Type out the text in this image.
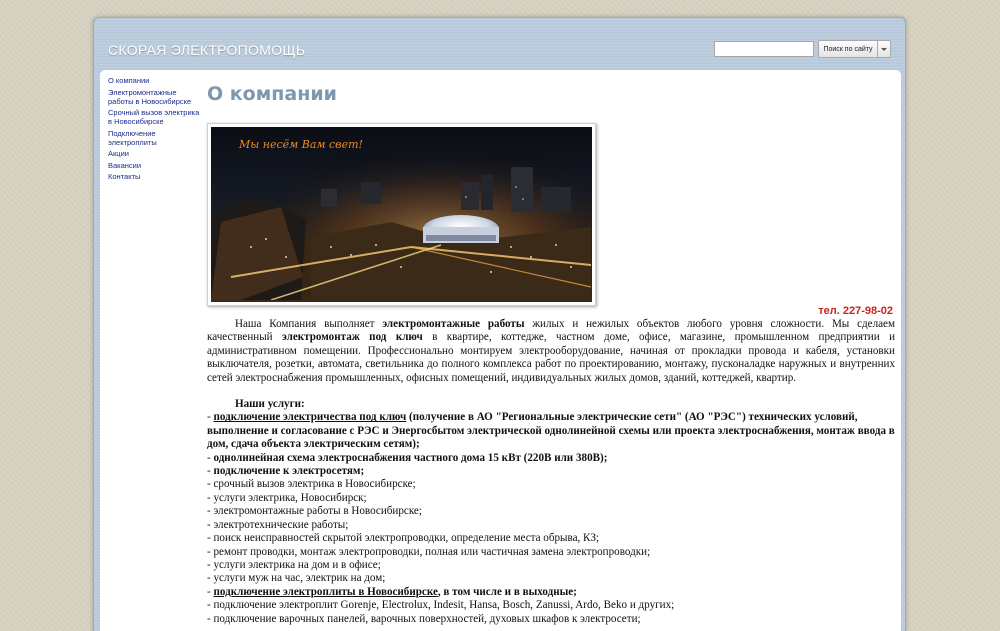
СКОРАЯ ЭЛЕКТРОПОМОЩЬ	Поиск по сайту
О компании
Электромонтажные работы в Новосибирске
Срочный вызов электрика в Новосибирске
Подключение электроплиты
Акции
Вакансии
Контакты
О компании
Мы несём Вам свет!
тел. 227-98-02

Наша Компания выполняет электромонтажные работы жилых и нежилых объектов любого уровня сложности. Мы сделаем качественный электромонтаж под ключ в квартире, коттедже, частном доме, офисе, магазине, промышленном предприятии и административном помещении. Профессионально монтируем электрооборудование, начиная от прокладки провода и кабеля, установки выключателя, розетки, автомата, светильника до полного комплекса работ по проектированию, монтажу, пусконаладке наружных и внутренних сетей электроснабжения промышленных, офисных помещений, индивидуальных жилых домов, зданий, коттеджей, квартир.

Наши услуги:

- подключение электричества под ключ (получение в АО "Региональные электрические сети" (АО "РЭС") технических условий, выполнение и согласование с РЭС и Энергосбытом электрической однолинейной схемы или проекта электроснабжения, монтаж ввода в дом, сдача объекта электрическим сетям);
- однолинейная схема электроснабжения частного дома 15 кВт (220В или 380В);
- подключение к электросетям;
- срочный вызов электрика в Новосибирске;
- услуги электрика, Новосибирск;
- электромонтажные работы в Новосибирске;
- электротехнические работы;
- поиск неисправностей скрытой электропроводки, определение места обрыва, КЗ;
- ремонт проводки, монтаж электропроводки, полная или частичная замена электропроводки;
- услуги электрика на дом и в офисе;
- услуги муж на час, электрик на дом;
- подключение электроплиты в Новосибирске, в том числе и в выходные;
- подключение электроплит Gorenje, Electrolux, Indesit, Hansa, Bosch, Zanussi, Ardo, Beko и других;
- подключение варочных панелей, варочных поверхностей, духовых шкафов к электросети;
